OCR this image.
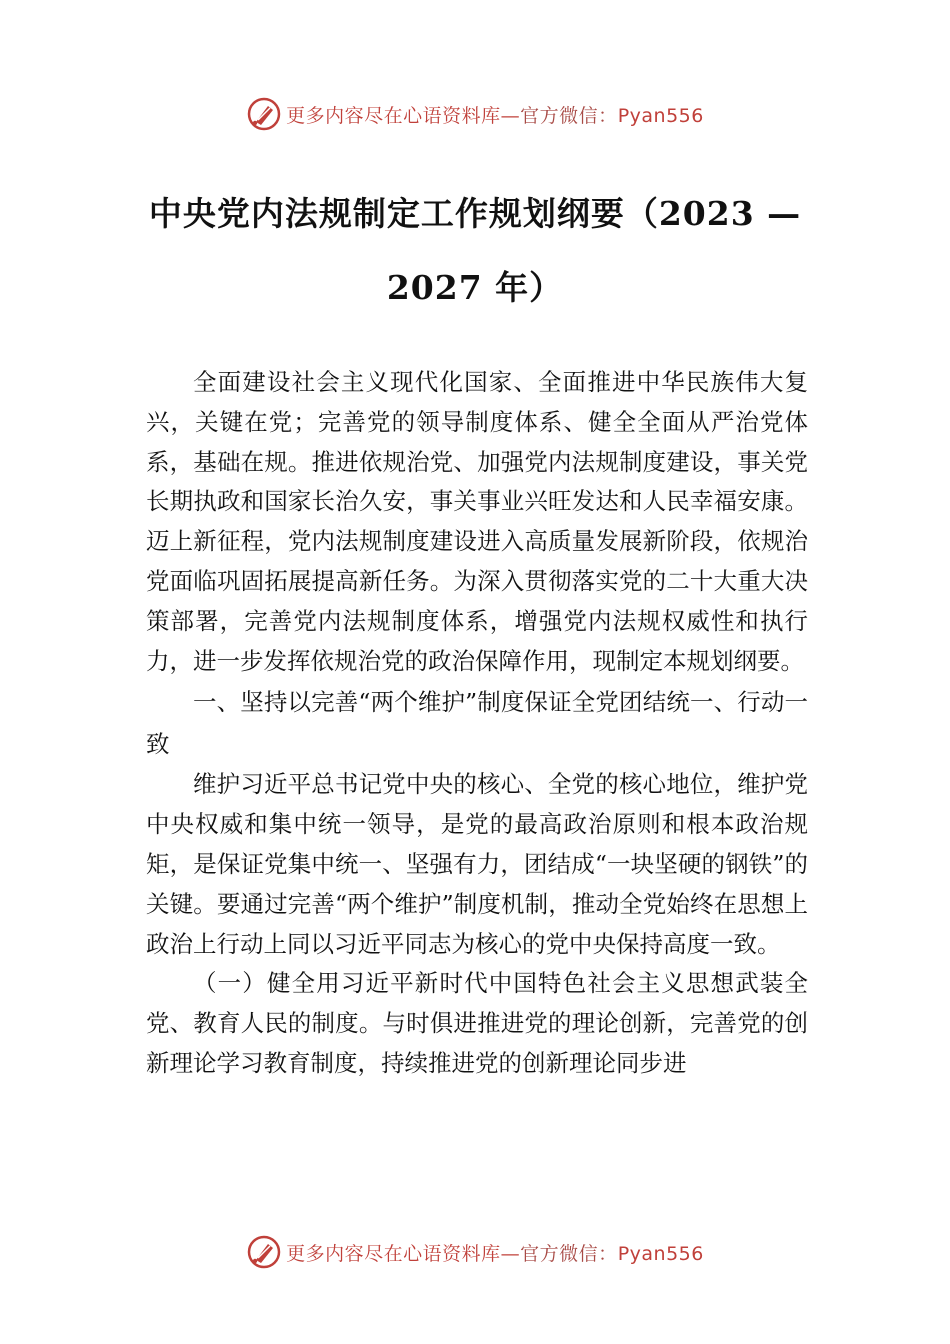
更多内容尽在心语资料库—官方微信：Pyan556
中央党内法规制定工作规划纲要（2023 —
2027 年）

全面建设社会主义现代化国家、全面推进中华民族伟大复兴，关键在党；完善党的领导制度体系、健全全面从严治党体系，基础在规。推进依规治党、加强党内法规制度建设，事关党长期执政和国家长治久安，事关事业兴旺发达和人民幸福安康。迈上新征程，党内法规制度建设进入高质量发展新阶段，依规治党面临巩固拓展提高新任务。为深入贯彻落实党的二十大重大决策部署，完善党内法规制度体系，增强党内法规权威性和执行力，进一步发挥依规治党的政治保障作用，现制定本规划纲要。

一、坚持以完善“两个维护”制度保证全党团结统一、行动一致

维护习近平总书记党中央的核心、全党的核心地位，维护党中央权威和集中统一领导，是党的最高政治原则和根本政治规矩，是保证党集中统一、坚强有力，团结成“一块坚硬的钢铁”的关键。要通过完善“两个维护”制度机制，推动全党始终在思想上政治上行动上同以习近平同志为核心的党中央保持高度一致。

（一）健全用习近平新时代中国特色社会主义思想武装全党、教育人民的制度。与时俱进推进党的理论创新，完善党的创新理论学习教育制度，持续推进党的创新理论同步进

更多内容尽在心语资料库—官方微信：Pyan556
